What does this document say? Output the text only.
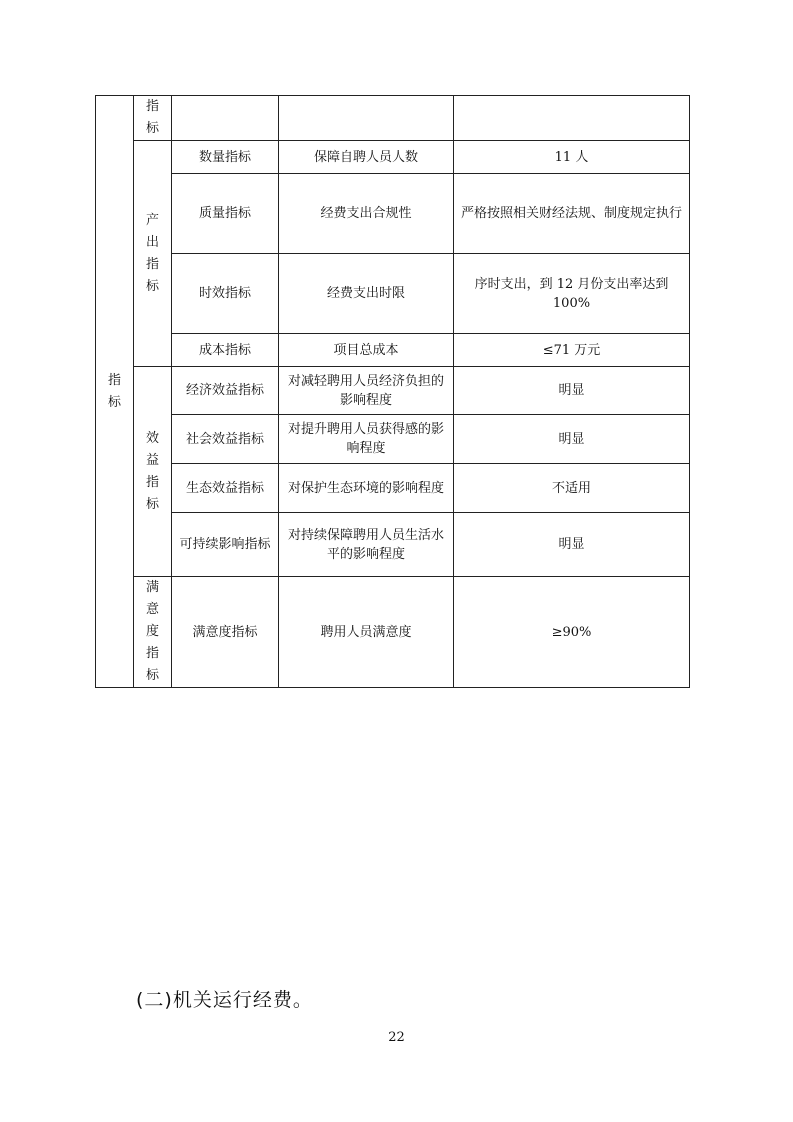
指标	指标			

	产出指标	数量指标	保障自聘人员人数	11 人
		质量指标	经费支出合规性	严格按照相关财经法规、制度规定执行
		时效指标	经费支出时限	序时支出，到 12 月份支出率达到 100%
		成本指标	项目总成本	≤71 万元

	效益指标	经济效益指标	对减轻聘用人员经济负担的影响程度	明显
		社会效益指标	对提升聘用人员获得感的影响程度	明显
		生态效益指标	对保护生态环境的影响程度	不适用
		可持续影响指标	对持续保障聘用人员生活水平的影响程度	明显

	满意度指标	满意度指标	聘用人员满意度	≥90%
(二)机关运行经费。
22
